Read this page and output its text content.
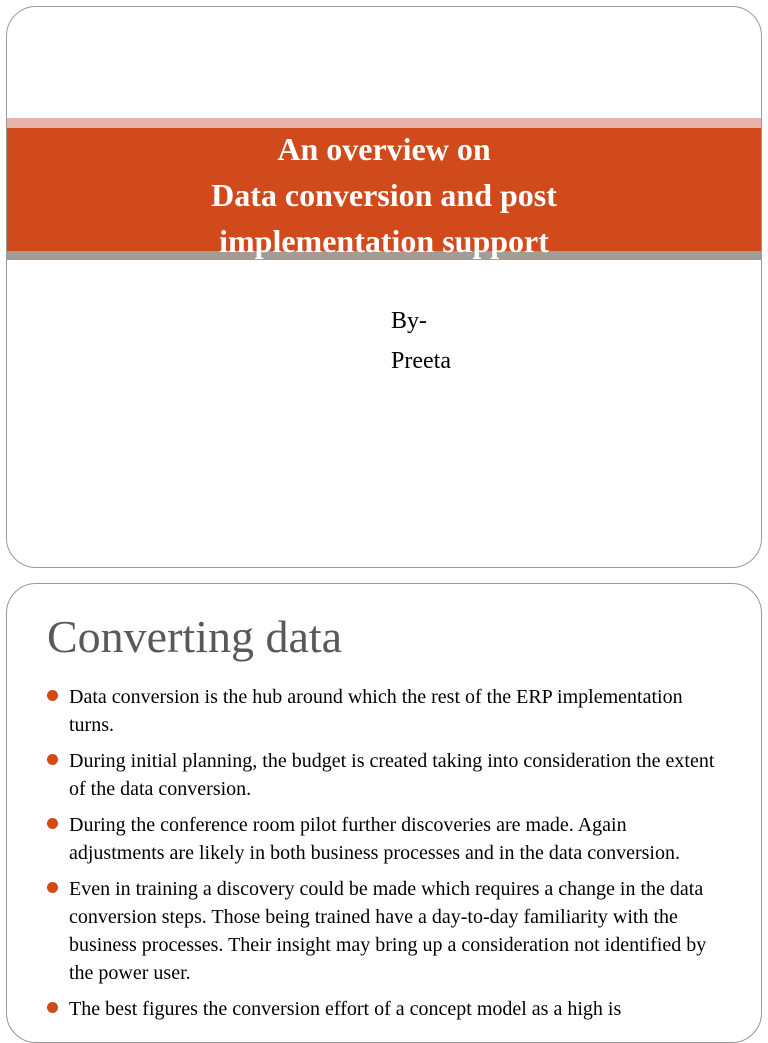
An overview on
Data conversion and post
implementation support
By-
Preeta
Converting data
Data conversion is the hub around which the rest of the ERP implementation turns.
During initial planning, the budget is created taking into consideration the extent of the data conversion.
During the conference room pilot further discoveries are made. Again adjustments are likely in both business processes and in the data conversion.
Even in training a discovery could be made which requires a change in the data conversion steps. Those being trained have a day-to-day familiarity with the business processes. Their insight may bring up a consideration not identified by the power user.
The best figures the conversion effort of a concept model as a high is
